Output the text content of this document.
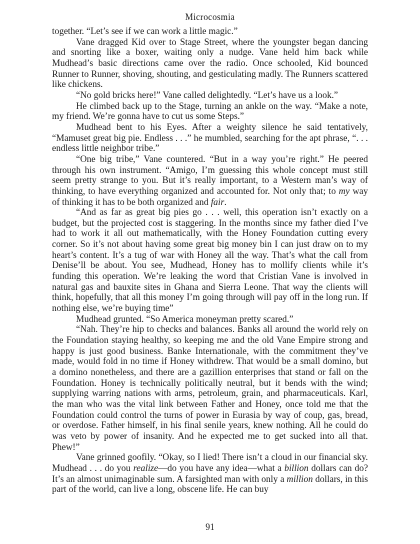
Microcosmia

together. “Let’s see if we can work a little magic.”

Vane dragged Kid over to Stage Street, where the youngster began dancing and snorting like a boxer, waiting only a nudge. Vane held him back while Mudhead’s basic directions came over the radio. Once schooled, Kid bounced Runner to Runner, shoving, shouting, and gesticulating madly. The Runners scattered like chickens.

“No gold bricks here!” Vane called delightedly. “Let’s have us a look.”

He climbed back up to the Stage, turning an ankle on the way. “Make a note, my friend. We’re gonna have to cut us some Steps.”

Mudhead bent to his Eyes. After a weighty silence he said tentatively, “Mamuset great big pie. Endless . . .” he mumbled, searching for the apt phrase, “. . . endless little neighbor tribe.”

“One big tribe,” Vane countered. “But in a way you’re right.” He peered through his own instrument. “Amigo, I’m guessing this whole concept must still seem pretty strange to you. But it’s really important, to a Western man’s way of thinking, to have everything organized and accounted for. Not only that; to my way of thinking it has to be both organized and fair.

“And as far as great big pies go . . . well, this operation isn’t exactly on a budget, but the projected cost is staggering. In the months since my father died I’ve had to work it all out mathematically, with the Honey Foundation cutting every corner. So it’s not about having some great big money bin I can just draw on to my heart’s content. It’s a tug of war with Honey all the way. That’s what the call from Denise’ll be about. You see, Mudhead, Honey has to mollify clients while it’s funding this operation. We’re leaking the word that Cristian Vane is involved in natural gas and bauxite sites in Ghana and Sierra Leone. That way the clients will think, hopefully, that all this money I’m going through will pay off in the long run. If nothing else, we’re buying time”

Mudhead grunted. “So America moneyman pretty scared.”

“Nah. They’re hip to checks and balances. Banks all around the world rely on the Foundation staying healthy, so keeping me and the old Vane Empire strong and happy is just good business. Banke Internationale, with the commitment they’ve made, would fold in no time if Honey withdrew. That would be a small domino, but a domino nonetheless, and there are a gazillion enterprises that stand or fall on the Foundation. Honey is technically politically neutral, but it bends with the wind; supplying warring nations with arms, petroleum, grain, and pharmaceuticals. Karl, the man who was the vital link between Father and Honey, once told me that the Foundation could control the turns of power in Eurasia by way of coup, gas, bread, or overdose. Father himself, in his final senile years, knew nothing. All he could do was veto by power of insanity. And he expected me to get sucked into all that. Phew!”

Vane grinned goofily. “Okay, so I lied! There isn’t a cloud in our financial sky. Mudhead . . . do you realize—do you have any idea—what a billion dollars can do? It’s an almost unimaginable sum. A farsighted man with only a million dollars, in this part of the world, can live a long, obscene life. He can buy

91
